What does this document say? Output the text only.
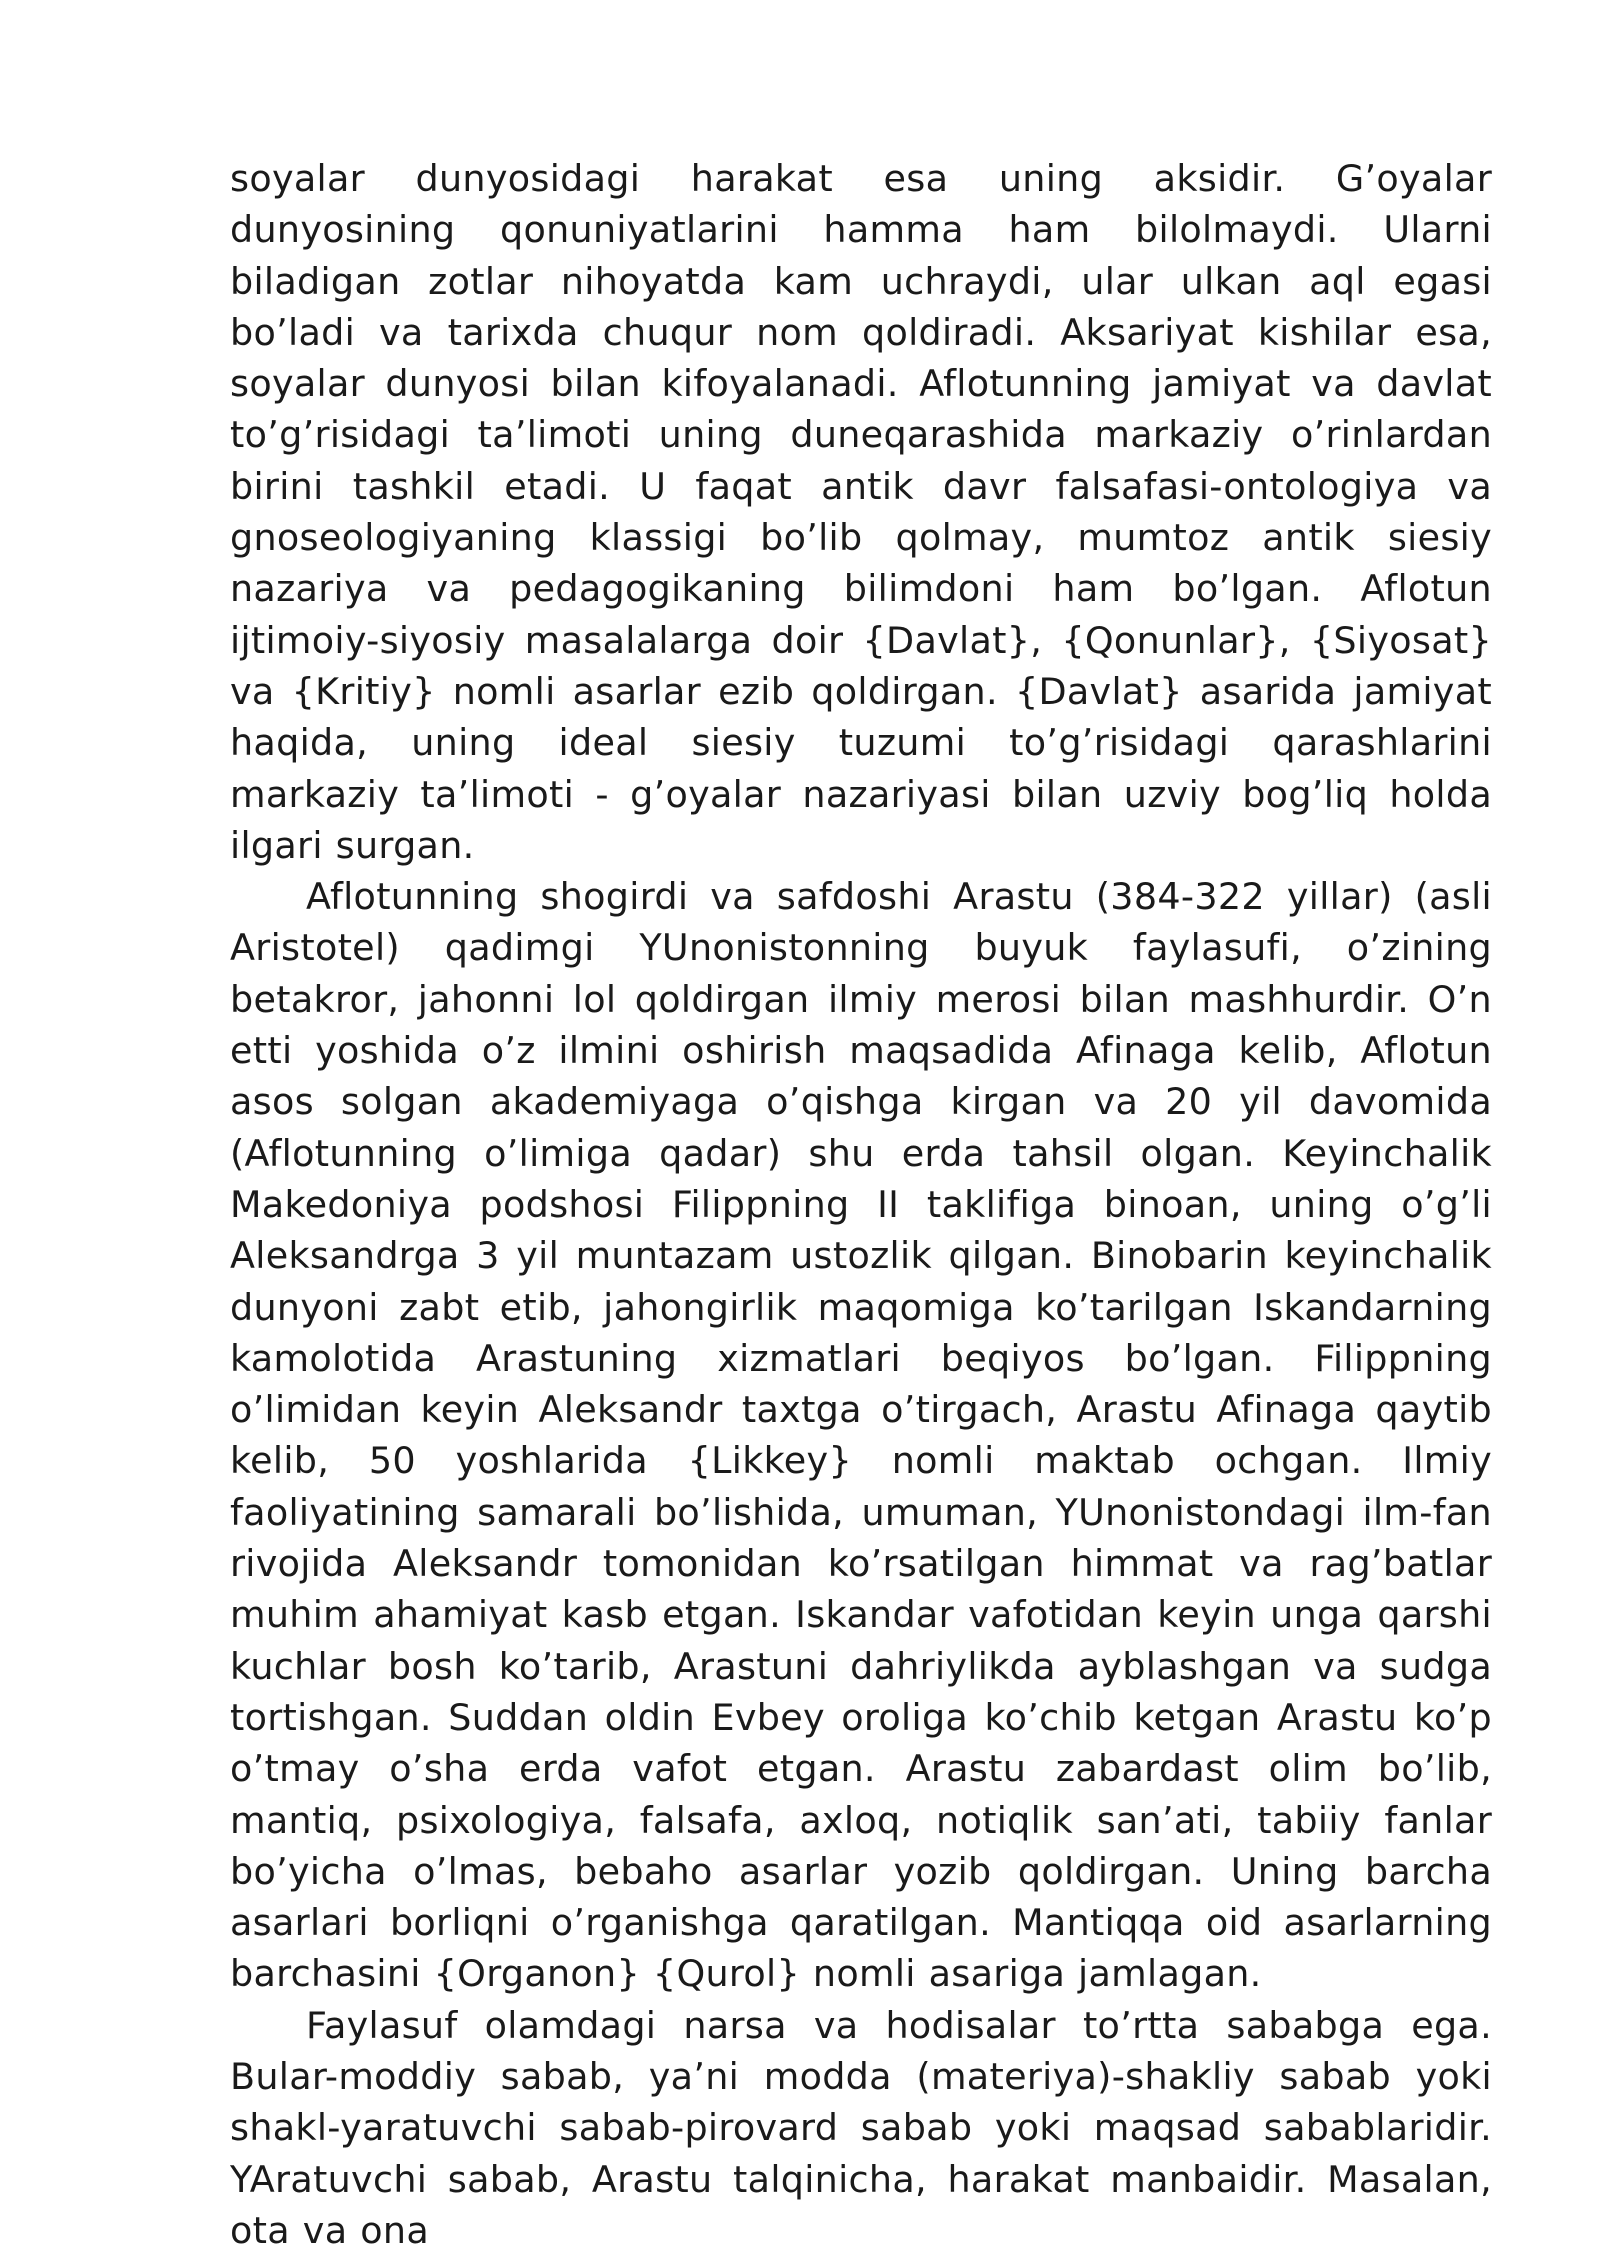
soyalar dunyosidagi harakat esa uning aksidir. G’oyalar dunyosining qonuniyatlarini hamma ham bilolmaydi. Ularni biladigan zotlar nihoyatda kam uchraydi, ular ulkan aql egasi bo’ladi va tarixda chuqur nom qoldiradi. Aksariyat kishilar esa, soyalar dunyosi bilan kifoyalanadi. Aflotunning jamiyat va davlat to’g’risidagi ta’limoti uning duneqarashida markaziy o’rinlardan birini tashkil etadi. U faqat antik davr falsafasi-ontologiya va gnoseologiyaning klassigi bo’lib qolmay, mumtoz antik siesiy nazariya va pedagogikaning bilimdoni ham bo’lgan. Aflotun ijtimoiy-siyosiy masalalarga doir {Davlat}, {Qonunlar}, {Siyosat} va {Kritiy} nomli asarlar ezib qoldirgan. {Davlat} asarida jamiyat haqida, uning ideal siesiy tuzumi to’g’risidagi qarashlarini markaziy ta’limoti - g’oyalar nazariyasi bilan uzviy bog’liq holda ilgari surgan.

Aflotunning shogirdi va safdoshi Arastu (384-322 yillar) (asli Aristotel) qadimgi YUnonistonning buyuk faylasufi, o’zining betakror, jahonni lol qoldirgan ilmiy merosi bilan mashhurdir. O’n etti yoshida o’z ilmini oshirish maqsadida Afinaga kelib, Aflotun asos solgan akademiyaga o’qishga kirgan va 20 yil davomida (Aflotunning o’limiga qadar) shu erda tahsil olgan. Keyinchalik Makedoniya podshosi Filippning II taklifiga binoan, uning o’g’li Aleksandrga 3 yil muntazam ustozlik qilgan. Binobarin keyinchalik dunyoni zabt etib, jahongirlik maqomiga ko’tarilgan Iskandarning kamolotida Arastuning xizmatlari beqiyos bo’lgan. Filippning o’limidan keyin Aleksandr taxtga o’tirgach, Arastu Afinaga qaytib kelib, 50 yoshlarida {Likkey} nomli maktab ochgan. Ilmiy faoliyatining samarali bo’lishida, umuman, YUnonistondagi ilm-fan rivojida Aleksandr tomonidan ko’rsatilgan himmat va rag’batlar muhim ahamiyat kasb etgan. Iskandar vafotidan keyin unga qarshi kuchlar bosh ko’tarib, Arastuni dahriylikda ayblashgan va sudga tortishgan. Suddan oldin Evbey oroliga ko’chib ketgan Arastu ko’p o’tmay o’sha erda vafot etgan. Arastu zabardast olim bo’lib, mantiq, psixologiya, falsafa, axloq, notiqlik san’ati, tabiiy fanlar bo’yicha o’lmas, bebaho asarlar yozib qoldirgan. Uning barcha asarlari borliqni o’rganishga qaratilgan. Mantiqqa oid asarlarning barchasini {Organon} {Qurol} nomli asariga jamlagan.

Faylasuf olamdagi narsa va hodisalar to’rtta sababga ega. Bular-moddiy sabab, ya’ni modda (materiya)-shakliy sabab yoki shakl-yaratuvchi sabab-pirovard sabab yoki maqsad sabablaridir. YAratuvchi sabab, Arastu talqinicha, harakat manbaidir. Masalan, ota va ona
